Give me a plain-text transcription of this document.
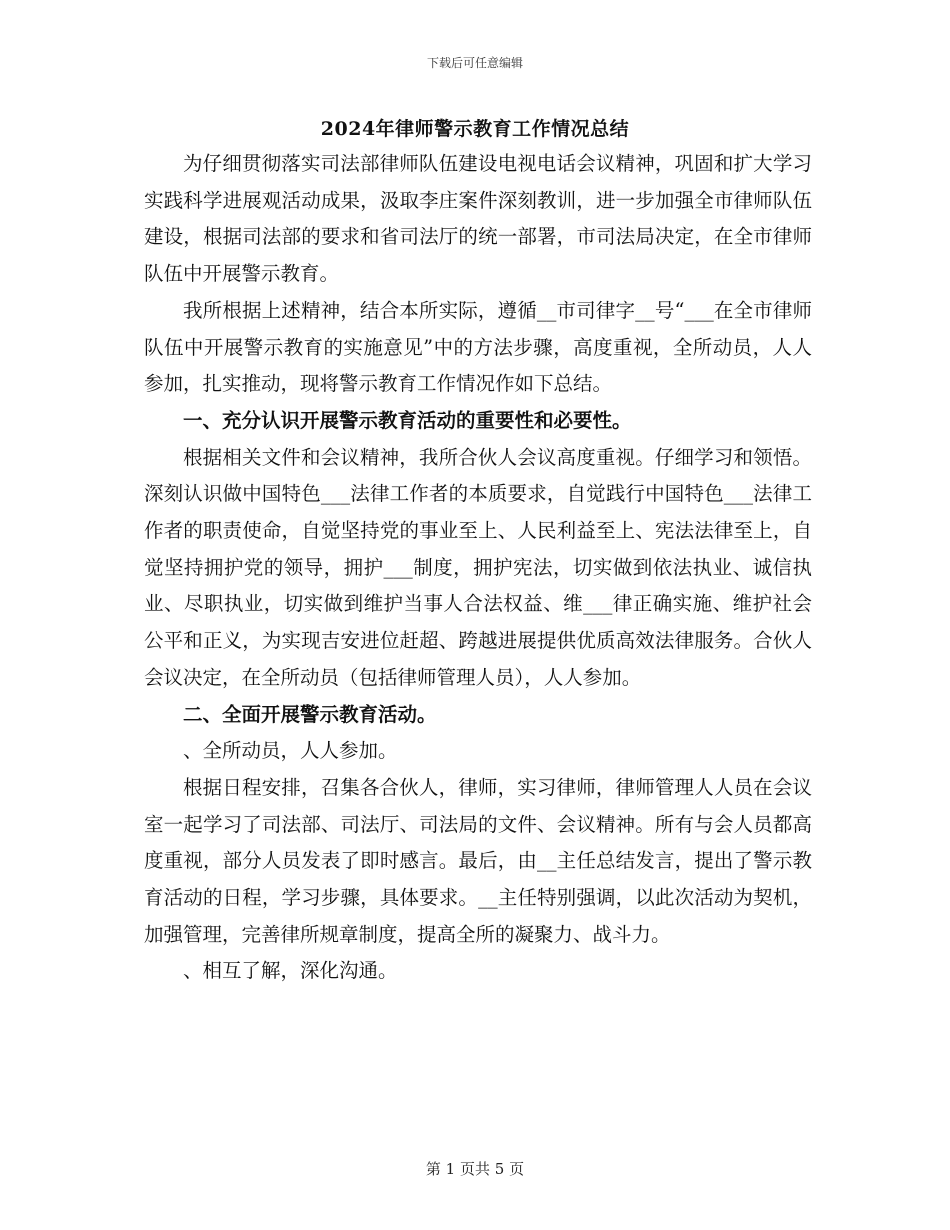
下载后可任意编辑
2024年律师警示教育工作情况总结

为仔细贯彻落实司法部律师队伍建设电视电话会议精神，巩固和扩大学习实践科学进展观活动成果，汲取李庄案件深刻教训，进一步加强全市律师队伍建设，根据司法部的要求和省司法厅的统一部署，市司法局决定，在全市律师队伍中开展警示教育。

我所根据上述精神，结合本所实际，遵循__市司律字__号“___在全市律师队伍中开展警示教育的实施意见”中的方法步骤，高度重视，全所动员，人人参加，扎实推动，现将警示教育工作情况作如下总结。

一、充分认识开展警示教育活动的重要性和必要性。

根据相关文件和会议精神，我所合伙人会议高度重视。仔细学习和领悟。深刻认识做中国特色___法律工作者的本质要求，自觉践行中国特色___法律工作者的职责使命，自觉坚持党的事业至上、人民利益至上、宪法法律至上，自觉坚持拥护党的领导，拥护___制度，拥护宪法，切实做到依法执业、诚信执业、尽职执业，切实做到维护当事人合法权益、维___律正确实施、维护社会公平和正义，为实现吉安进位赶超、跨越进展提供优质高效法律服务。合伙人会议决定，在全所动员（包括律师管理人员），人人参加。

二、全面开展警示教育活动。

、全所动员，人人参加。

根据日程安排，召集各合伙人，律师，实习律师，律师管理人人员在会议室一起学习了司法部、司法厅、司法局的文件、会议精神。所有与会人员都高度重视，部分人员发表了即时感言。最后，由__主任总结发言，提出了警示教育活动的日程，学习步骤，具体要求。__主任特别强调，以此次活动为契机，加强管理，完善律所规章制度，提高全所的凝聚力、战斗力。

、相互了解，深化沟通。

第 1 页共 5 页
